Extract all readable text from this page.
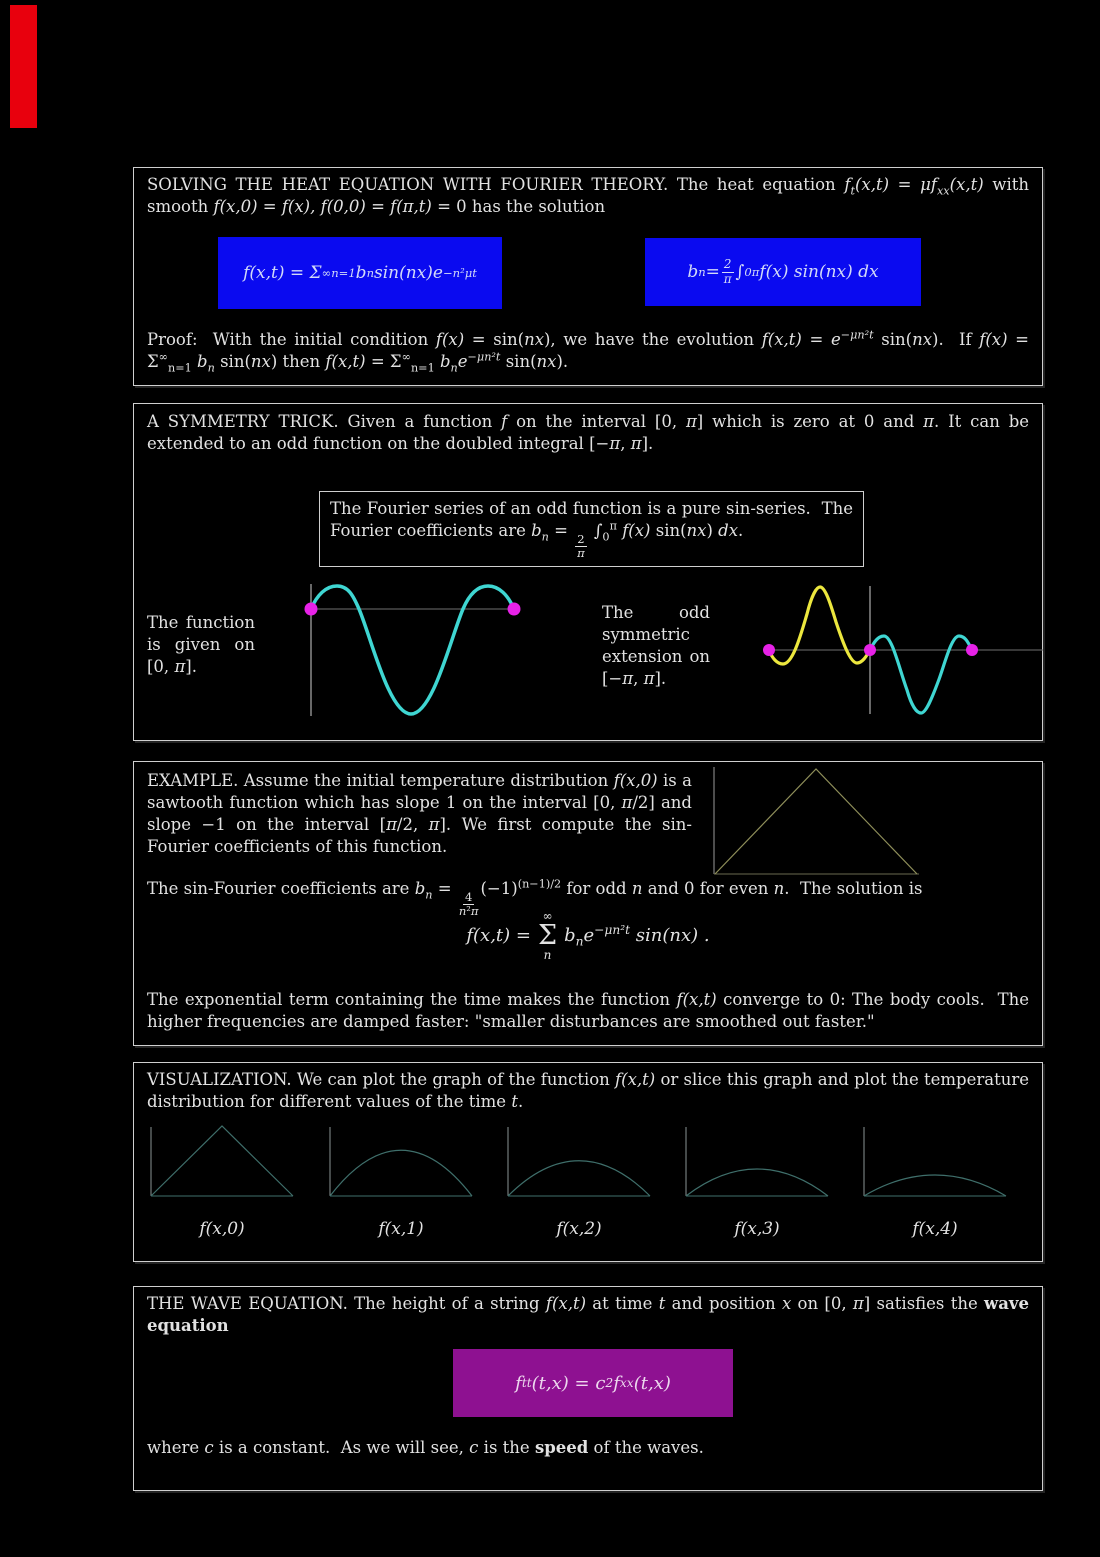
SOLVING THE HEAT EQUATION WITH FOURIER THEORY. The heat equation $f_t(x,t) = \mu f_{xx}(x,t)$ with smooth f(x,0) = f(x), f(0,0) = f(π,t) = 0 has the solution
f(x,t) = Σ ∞ n=1 b n sin(nx)e −n²μt	b $n = \frac{2}{\pi}$ ∫ 0 π f(x) sin(nx) dx
Proof:  With the initial condition f(x) = sin(nx), we have the evolution $f(x,t) = e^{-\mu n^2t}$ sin(nx).  If $f(x) = \Sigma^\infty_{n=1}$ $b_n$ sin(nx) then $f(x,t) = \Sigma^\infty_{n=1}$ $b_ne^{-\mu n^2t}$ sin(nx).
A SYMMETRY TRICK. Given a function f on the interval [0, π] which is zero at 0 and π. It can be extended to an odd function on the doubled integral [−π, π].
The Fourier series of an odd function is a pure sin-series.  The Fourier coefficients are $b_n$ =
$\frac{2}{\pi}$
$\int_0^\pi$ f(x) sin(nx) dx.
The function is given on [0, π].
The odd symmetric extension on [−π, π].
EXAMPLE. Assume the initial temperature distribution f(x,0) is a sawtooth function which has slope 1 on the interval [0, π/2] and slope −1 on the interval [π/2, π]. We first compute the sin-Fourier coefficients of this function.
The sin-Fourier coefficients are $b_n$ =
$\frac{4}{\text{n²π}}$
$(-1)^{(n-1)/2}$ for odd n and 0 for even n.  The solution is
f(x,t) =
∞
Σ
n
$b_ne^{-\mu n^2t}$ sin(nx) .
The exponential term containing the time makes the function f(x,t) converge to 0: The body cools.  The higher frequencies are damped faster: "smaller disturbances are smoothed out faster."
VISUALIZATION. We can plot the graph of the function f(x,t) or slice this graph and plot the temperature distribution for different values of the time t.
f(x,0)	f(x,1)	f(x,2)	f(x,3)	f(x,4)
THE WAVE EQUATION. The height of a string f(x,t) at time t and position x on [0, π] satisfies the wave equation
f tt (t,x) = c 2 f xx (t,x)
where c is a constant.  As we will see, c is the speed of the waves.
